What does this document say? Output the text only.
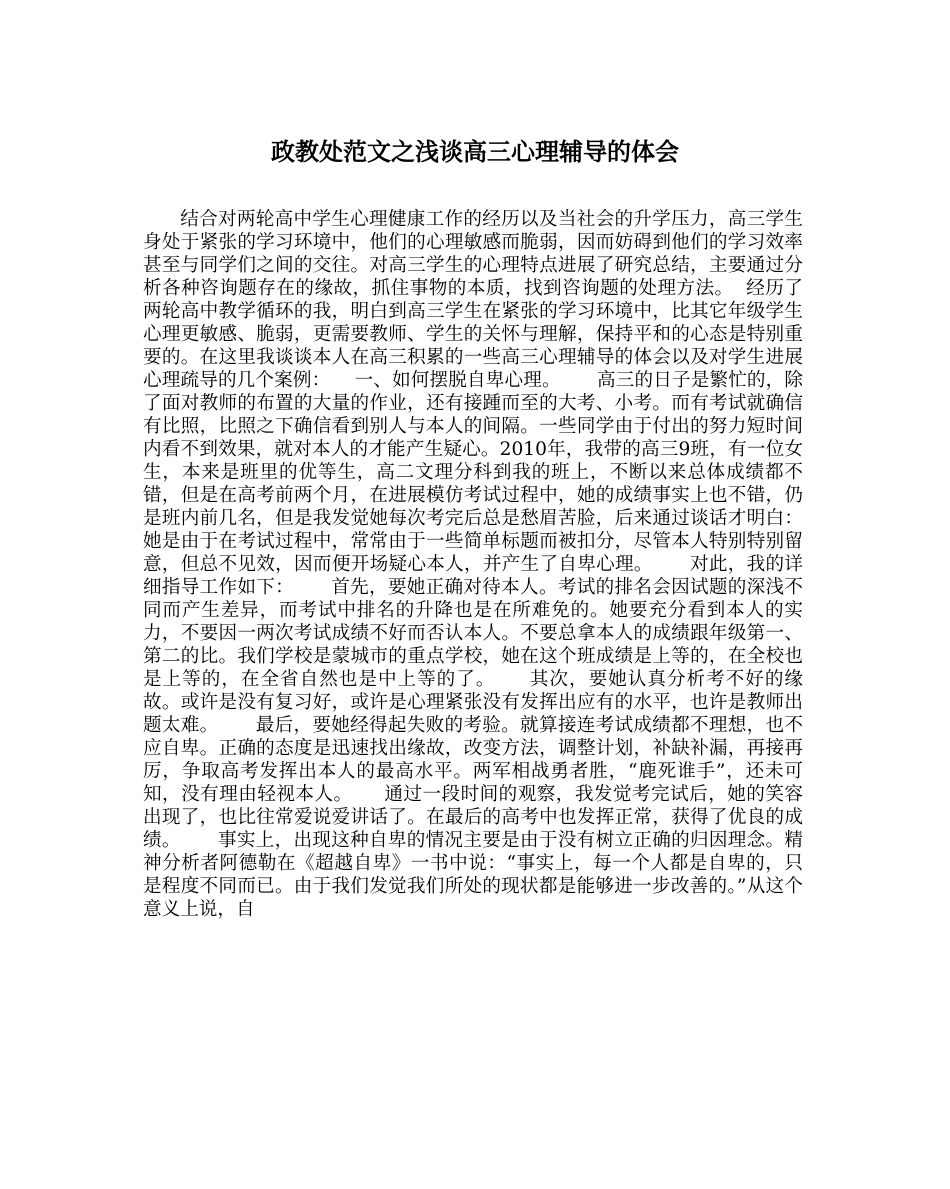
政教处范文之浅谈高三心理辅导的体会

结合对两轮高中学生心理健康工作的经历以及当社会的升学压力，高三学生身处于紧张的学习环境中，他们的心理敏感而脆弱，因而妨碍到他们的学习效率甚至与同学们之间的交往。对高三学生的心理特点进展了研究总结，主要通过分析各种咨询题存在的缘故，抓住事物的本质，找到咨询题的处理方法。  经历了两轮高中教学循环的我，明白到高三学生在紧张的学习环境中，比其它年级学生心理更敏感、脆弱，更需要教师、学生的关怀与理解，保持平和的心态是特别重要的。在这里我谈谈本人在高三积累的一些高三心理辅导的体会以及对学生进展心理疏导的几个案例：    一、如何摆脱自卑心理。      高三的日子是繁忙的，除了面对教师的布置的大量的作业，还有接踵而至的大考、小考。而有考试就确信有比照，比照之下确信看到别人与本人的间隔。一些同学由于付出的努力短时间内看不到效果，就对本人的才能产生疑心。2010年，我带的高三9班，有一位女生，本来是班里的优等生，高二文理分科到我的班上，不断以来总体成绩都不错，但是在高考前两个月，在进展模仿考试过程中，她的成绩事实上也不错，仍是班内前几名，但是我发觉她每次考完后总是愁眉苦脸，后来通过谈话才明白：她是由于在考试过程中，常常由于一些简单标题而被扣分，尽管本人特别特别留意，但总不见效，因而便开场疑心本人，并产生了自卑心理。      对此，我的详细指导工作如下：      首先，要她正确对待本人。考试的排名会因试题的深浅不同而产生差异，而考试中排名的升降也是在所难免的。她要充分看到本人的实力，不要因一两次考试成绩不好而否认本人。不要总拿本人的成绩跟年级第一、第二的比。我们学校是蒙城市的重点学校，她在这个班成绩是上等的，在全校也是上等的，在全省自然也是中上等的了。     其次，要她认真分析考不好的缘故。或许是没有复习好，或许是心理紧张没有发挥出应有的水平，也许是教师出题太难。      最后，要她经得起失败的考验。就算接连考试成绩都不理想，也不应自卑。正确的态度是迅速找出缘故，改变方法，调整计划，补缺补漏，再接再厉，争取高考发挥出本人的最高水平。两军相战勇者胜，“鹿死谁手”，还未可知，没有理由轻视本人。     通过一段时间的观察，我发觉考完试后，她的笑容出现了，也比往常爱说爱讲话了。在最后的高考中也发挥正常，获得了优良的成绩。      事实上，出现这种自卑的情况主要是由于没有树立正确的归因理念。精神分析者阿德勒在《超越自卑》一书中说：“事实上，每一个人都是自卑的，只是程度不同而已。由于我们发觉我们所处的现状都是能够进一步改善的。”从这个意义上说，自
